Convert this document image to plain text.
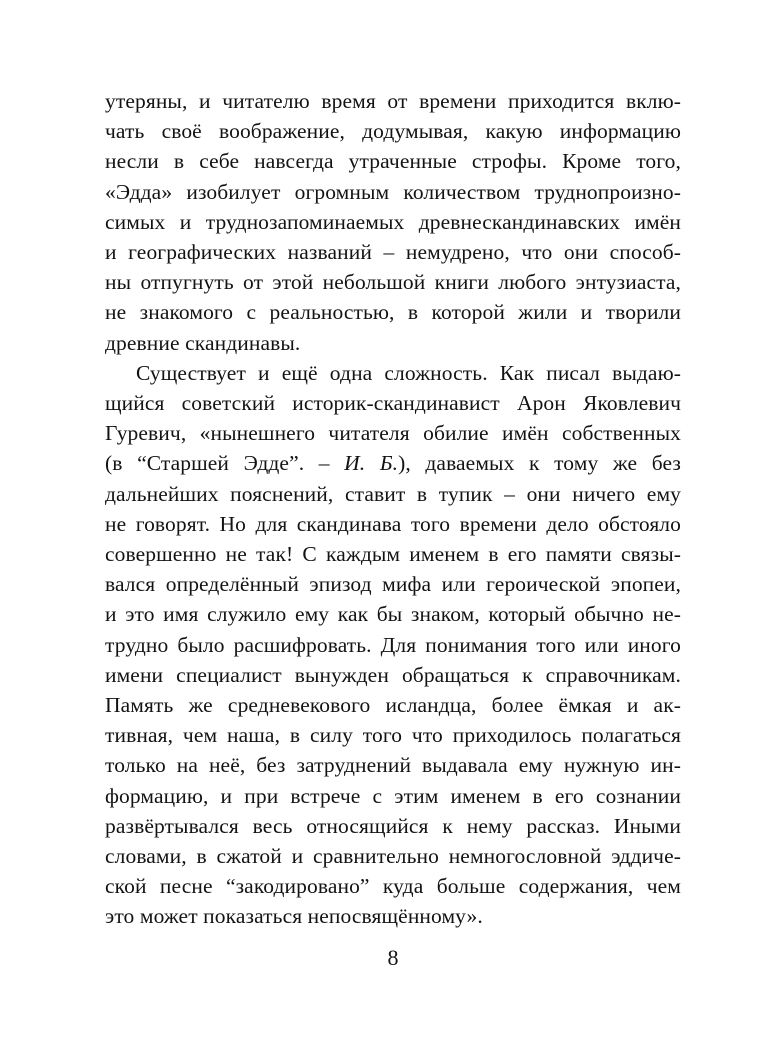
утеряны, и читателю время от времени приходится вклю-
чать своё воображение, додумывая, какую информацию
несли в себе навсегда утраченные строфы. Кроме того,
«Эдда» изобилует огромным количеством труднопроизно-
симых и труднозапоминаемых древнескандинавских имён
и географических названий – немудрено, что они способ-
ны отпугнуть от этой небольшой книги любого энтузиаста,
не знакомого с реальностью, в которой жили и творили
древние скандинавы.
Существует и ещё одна сложность. Как писал выдаю-
щийся советский историк-скандинавист Арон Яковлевич
Гуревич, «нынешнего читателя обилие имён собственных
(в “Старшей Эдде”. – И. Б.), даваемых к тому же без
дальнейших пояснений, ставит в тупик – они ничего ему
не говорят. Но для скандинава того времени дело обстояло
совершенно не так! С каждым именем в его памяти связы-
вался определённый эпизод мифа или героической эпопеи,
и это имя служило ему как бы знаком, который обычно не-
трудно было расшифровать. Для понимания того или иного
имени специалист вынужден обращаться к справочникам.
Память же средневекового исландца, более ёмкая и ак-
тивная, чем наша, в силу того что приходилось полагаться
только на неё, без затруднений выдавала ему нужную ин-
формацию, и при встрече с этим именем в его сознании
развёртывался весь относящийся к нему рассказ. Иными
словами, в сжатой и сравнительно немногословной эддиче-
ской песне “закодировано” куда больше содержания, чем
это может показаться непосвящённому».
8
